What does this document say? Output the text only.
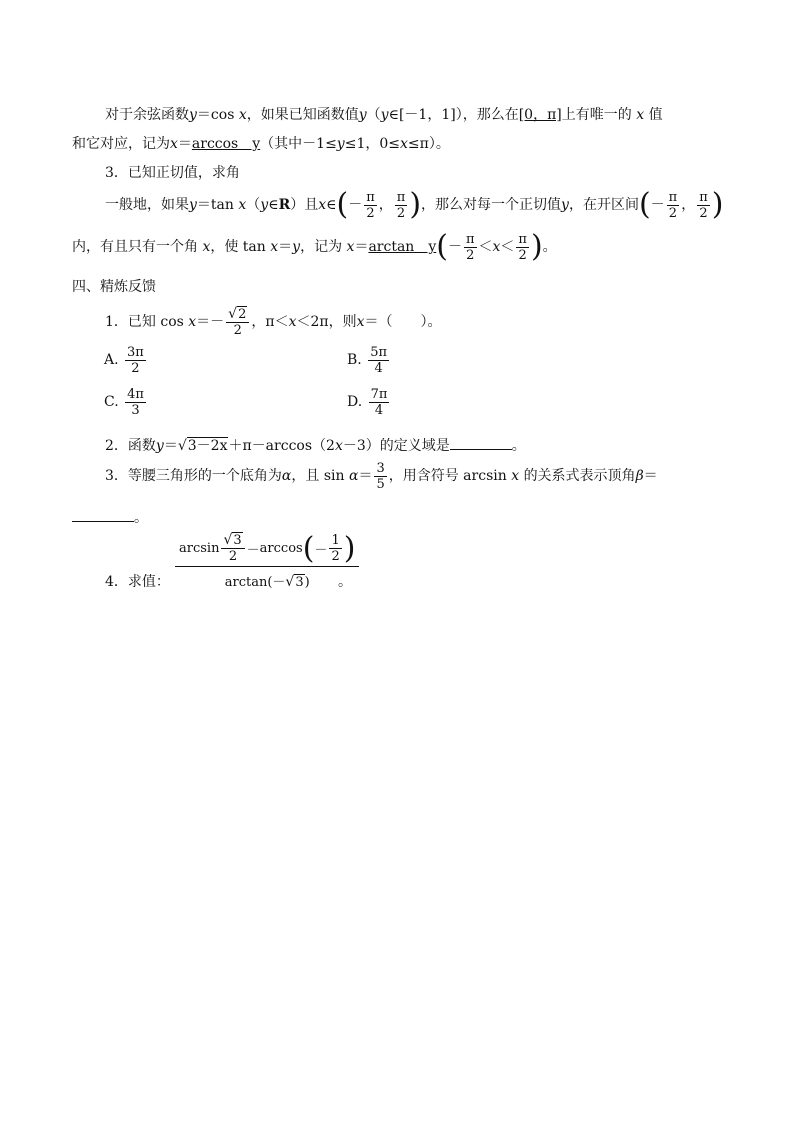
对于余弦函数y＝cos x，如果已知函数值y（y∈[－1，1]），那么在[0，π]上有唯一的 x 值
和它对应，记为x＝arccos　y（其中－1≤y≤1，0≤x≤π）。
3．已知正切值，求角
一般地，如果y＝tan x（y∈R）且x∈(－ $\frac{\pi}{2}$ ， $\frac{\pi}{2}$ )，那么对每一个正切值y，在开区间(－ $\frac{\pi}{2}$ ， $\frac{\pi}{2}$ )
内，有且只有一个角 x，使 tan x＝y，记为 x＝arctan　$y(- \frac{\pi}{2} <x< \frac{\pi}{2}$ )。
四、精炼反馈
1．已知 $\cos x=- \frac{√2}{2}$ ，π＜x＜2π，则x＝（　　）。
A. $\frac{3\pi}{2}$	B. $\frac{5\pi}{4}$
C. $\frac{4\pi}{3}$	D. $\frac{7\pi}{4}$
2．函数y＝√3－2x＋π－arccos（2x－3）的定义域是	。
3．等腰三角形的一个底角为α，且 $\sin \alpha= \frac{3}{5}$ ，用含符号 arcsin x 的关系式表示顶角β＝
。
4．求值： $\frac{\arcsin \frac{√3}{2} - \arccos ( - \frac{1}{2} )}{\arctan(-√3)}$
。
